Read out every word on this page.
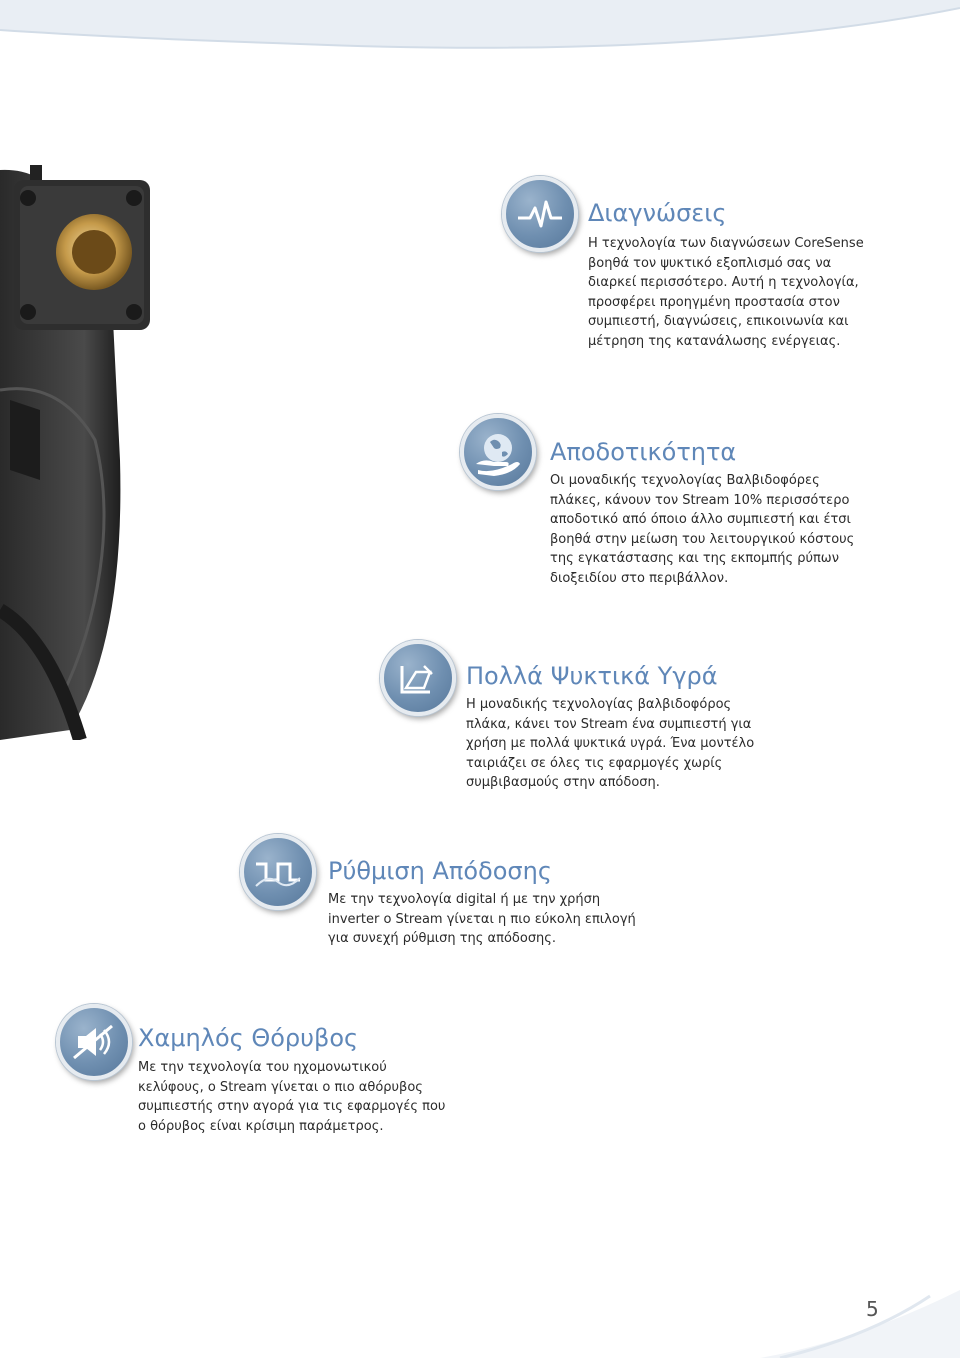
Διαγνώσεις
Η τεχνολογία των διαγνώσεων CoreSense
βοηθά τον ψυκτικό εξοπλισμό σας να
διαρκεί περισσότερο. Αυτή η τεχνολογία,
προσφέρει προηγμένη προστασία στον
συμπιεστή, διαγνώσεις, επικοινωνία και
μέτρηση της κατανάλωσης ενέργειας.
Αποδοτικότητα
Οι μοναδικής τεχνολογίας Βαλβιδοφόρες
πλάκες, κάνουν τον Stream 10% περισσότερο
αποδοτικό από όποιο άλλο συμπιεστή και έτσι
βοηθά στην μείωση του λειτουργικού κόστους
της εγκατάστασης και της εκπομπής ρύπων
διοξειδίου στο περιβάλλον.
Πολλά Ψυκτικά Υγρά
Η μοναδικής τεχνολογίας βαλβιδοφόρος
πλάκα, κάνει τον Stream ένα συμπιεστή για
χρήση με πολλά ψυκτικά υγρά. Ένα μοντέλο
ταιριάζει σε όλες τις εφαρμογές χωρίς
συμβιβασμούς στην απόδοση.
Ρύθμιση Απόδοσης
Με την τεχνολογία digital ή με την χρήση
inverter ο Stream γίνεται η πιο εύκολη επιλογή
για συνεχή ρύθμιση της απόδοσης.
Χαμηλός Θόρυβος
Με την τεχνολογία του ηχομονωτικού
κελύφους, ο Stream γίνεται ο πιο αθόρυβος
συμπιεστής στην αγορά για τις εφαρμογές που
ο θόρυβος είναι κρίσιμη παράμετρος.
5
